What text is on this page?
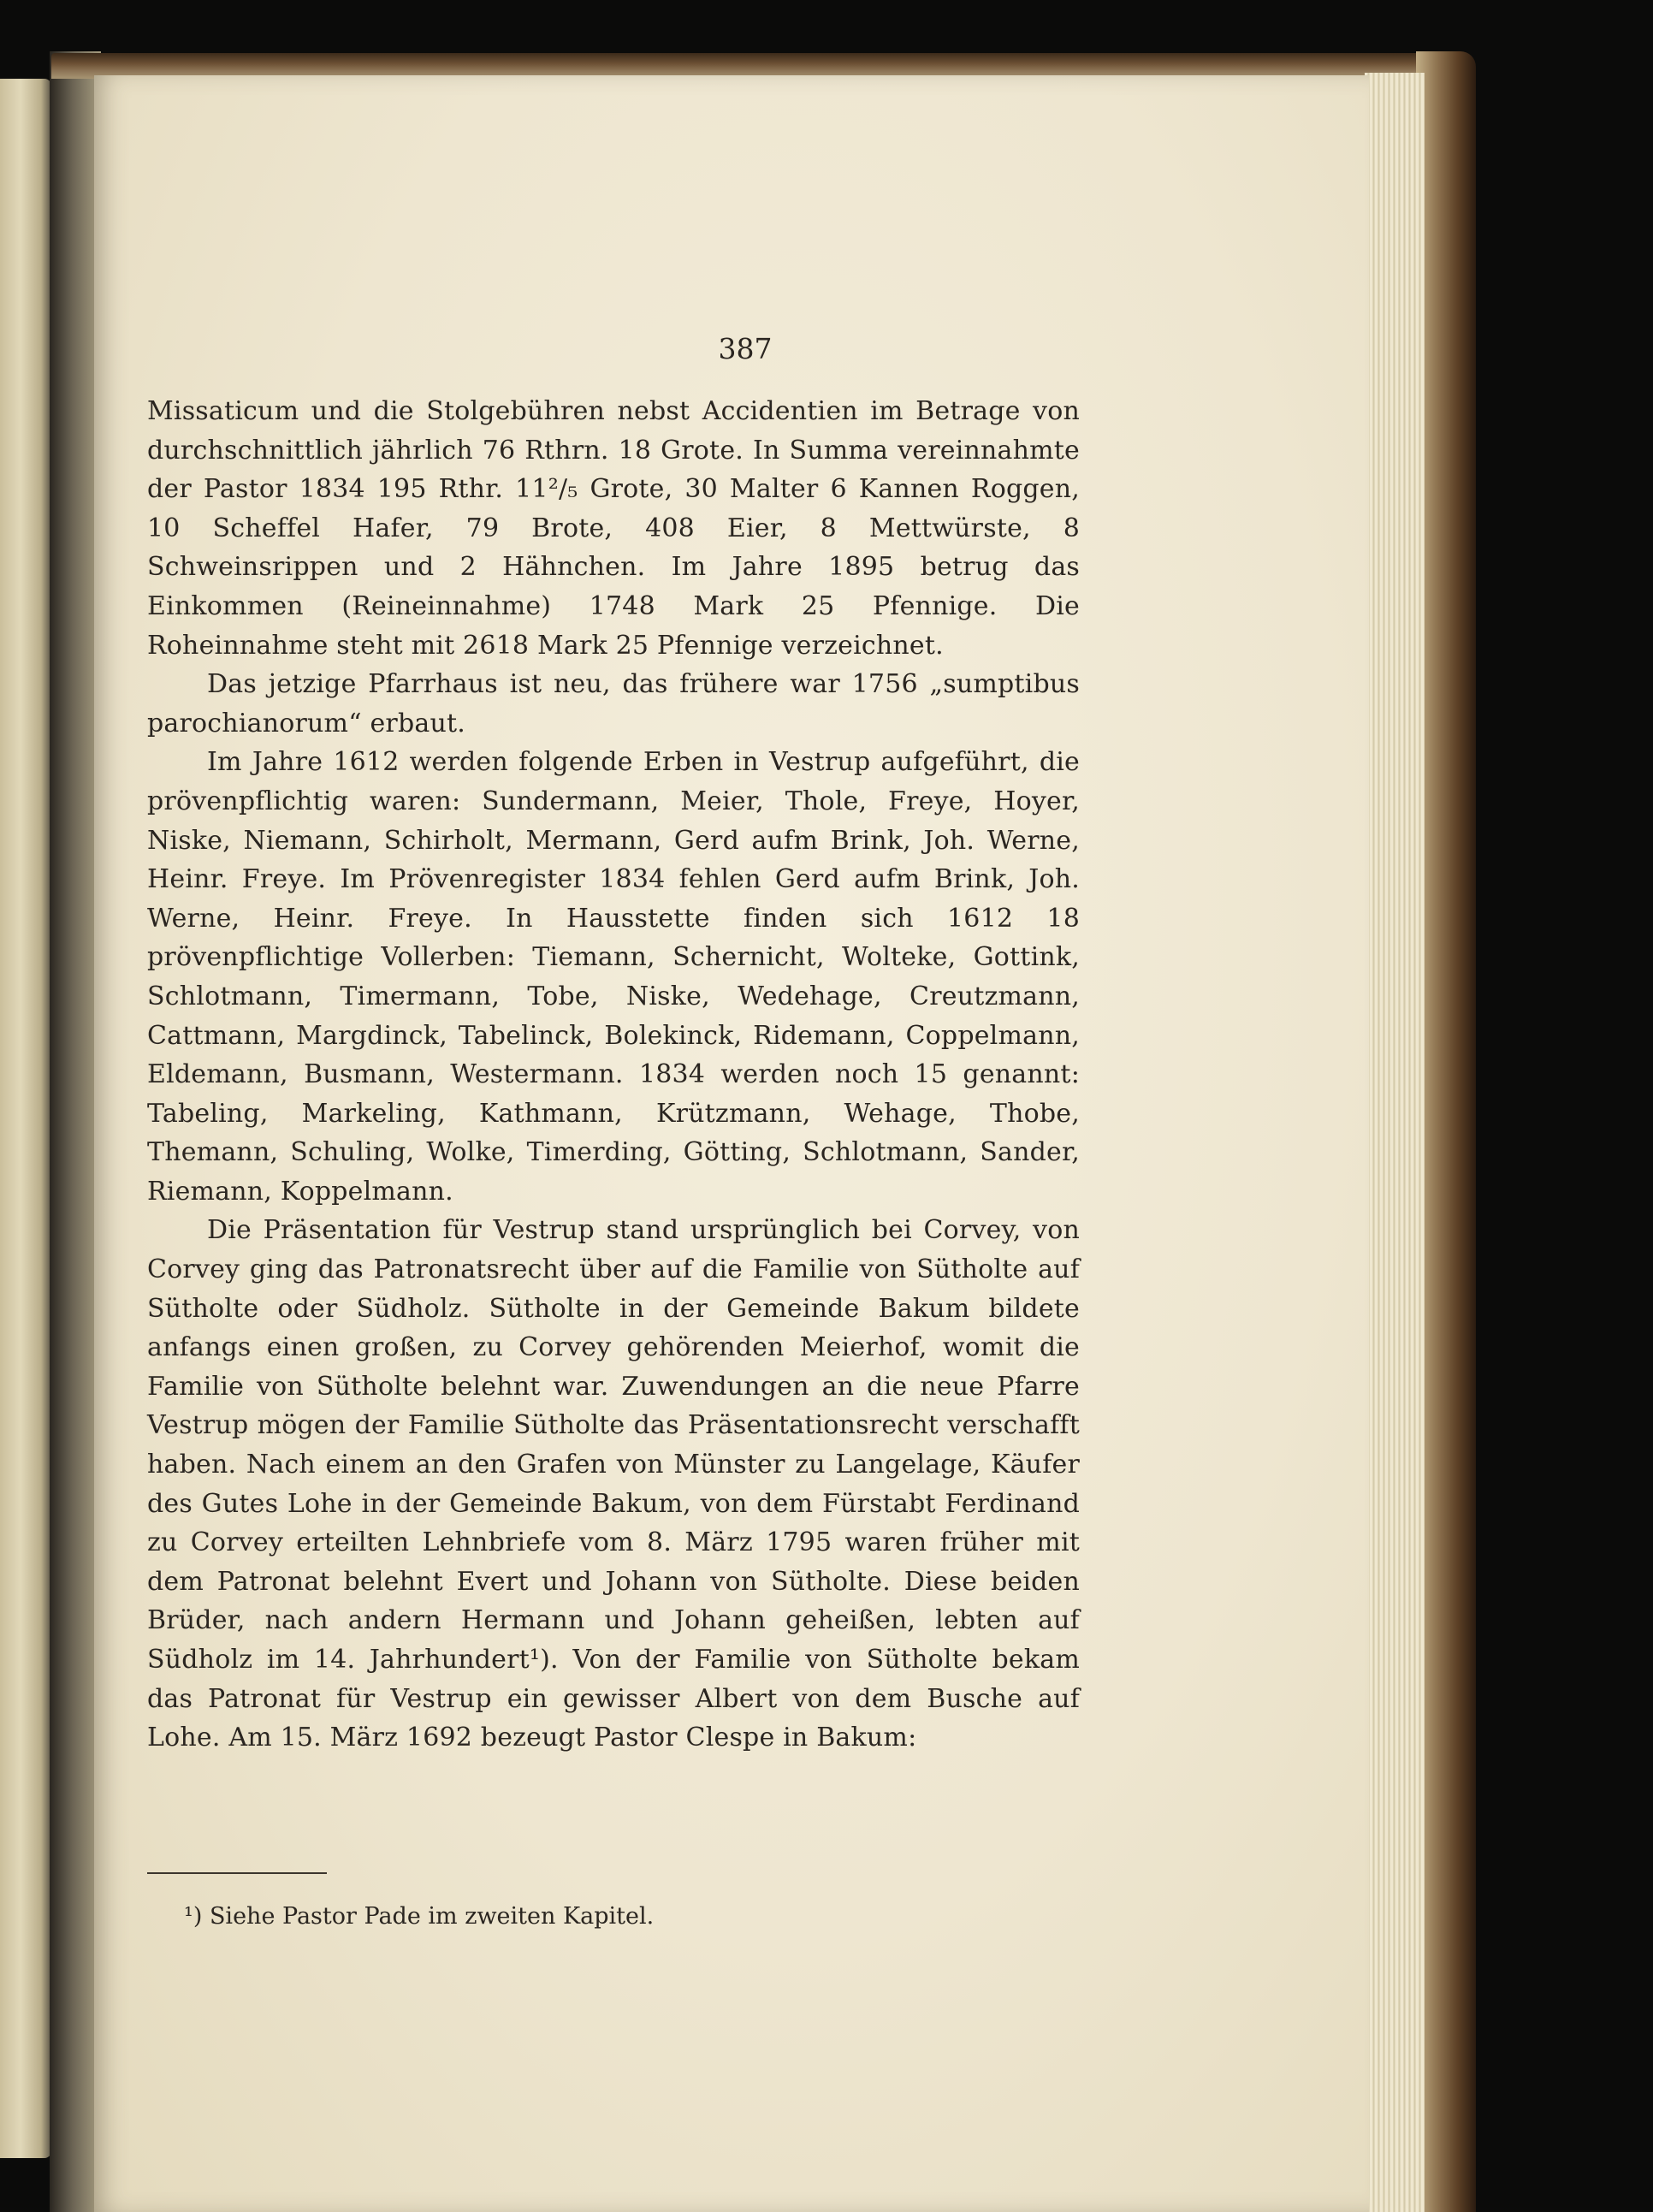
387

Missaticum und die Stolgebühren nebst Accidentien im Betrage von durchschnittlich jährlich 76 Rthrn. 18 Grote. In Summa vereinnahmte der Pastor 1834 195 Rthr. 11²/₅ Grote, 30 Malter 6 Kannen Roggen, 10 Scheffel Hafer, 79 Brote, 408 Eier, 8 Mettwürste, 8 Schweinsrippen und 2 Hähnchen. Im Jahre 1895 betrug das Einkommen (Reineinnahme) 1748 Mark 25 Pfennige. Die Roheinnahme steht mit 2618 Mark 25 Pfennige verzeichnet.

Das jetzige Pfarrhaus ist neu, das frühere war 1756 „sumptibus parochianorum“ erbaut.

Im Jahre 1612 werden folgende Erben in Vestrup aufgeführt, die prövenpflichtig waren: Sundermann, Meier, Thole, Freye, Hoyer, Niske, Niemann, Schirholt, Mermann, Gerd aufm Brink, Joh. Werne, Heinr. Freye. Im Prövenregister 1834 fehlen Gerd aufm Brink, Joh. Werne, Heinr. Freye. In Hausstette finden sich 1612 18 prövenpflichtige Vollerben: Tiemann, Schernicht, Wolteke, Gottink, Schlotmann, Timermann, Tobe, Niske, Wedehage, Creutzmann, Cattmann, Margdinck, Tabelinck, Bolekinck, Ridemann, Coppelmann, Eldemann, Busmann, Westermann. 1834 werden noch 15 genannt: Tabeling, Markeling, Kathmann, Krützmann, Wehage, Thobe, Themann, Schuling, Wolke, Timerding, Götting, Schlotmann, Sander, Riemann, Koppelmann.

Die Präsentation für Vestrup stand ursprünglich bei Corvey, von Corvey ging das Patronatsrecht über auf die Familie von Sütholte auf Sütholte oder Südholz. Sütholte in der Gemeinde Bakum bildete anfangs einen großen, zu Corvey gehörenden Meierhof, womit die Familie von Sütholte belehnt war. Zuwendungen an die neue Pfarre Vestrup mögen der Familie Sütholte das Präsentationsrecht verschafft haben. Nach einem an den Grafen von Münster zu Langelage, Käufer des Gutes Lohe in der Gemeinde Bakum, von dem Fürstabt Ferdinand zu Corvey erteilten Lehnbriefe vom 8. März 1795 waren früher mit dem Patronat belehnt Evert und Johann von Sütholte. Diese beiden Brüder, nach andern Hermann und Johann geheißen, lebten auf Südholz im 14. Jahrhundert¹). Von der Familie von Sütholte bekam das Patronat für Vestrup ein gewisser Albert von dem Busche auf Lohe. Am 15. März 1692 bezeugt Pastor Clespe in Bakum:

¹) Siehe Pastor Pade im zweiten Kapitel.
